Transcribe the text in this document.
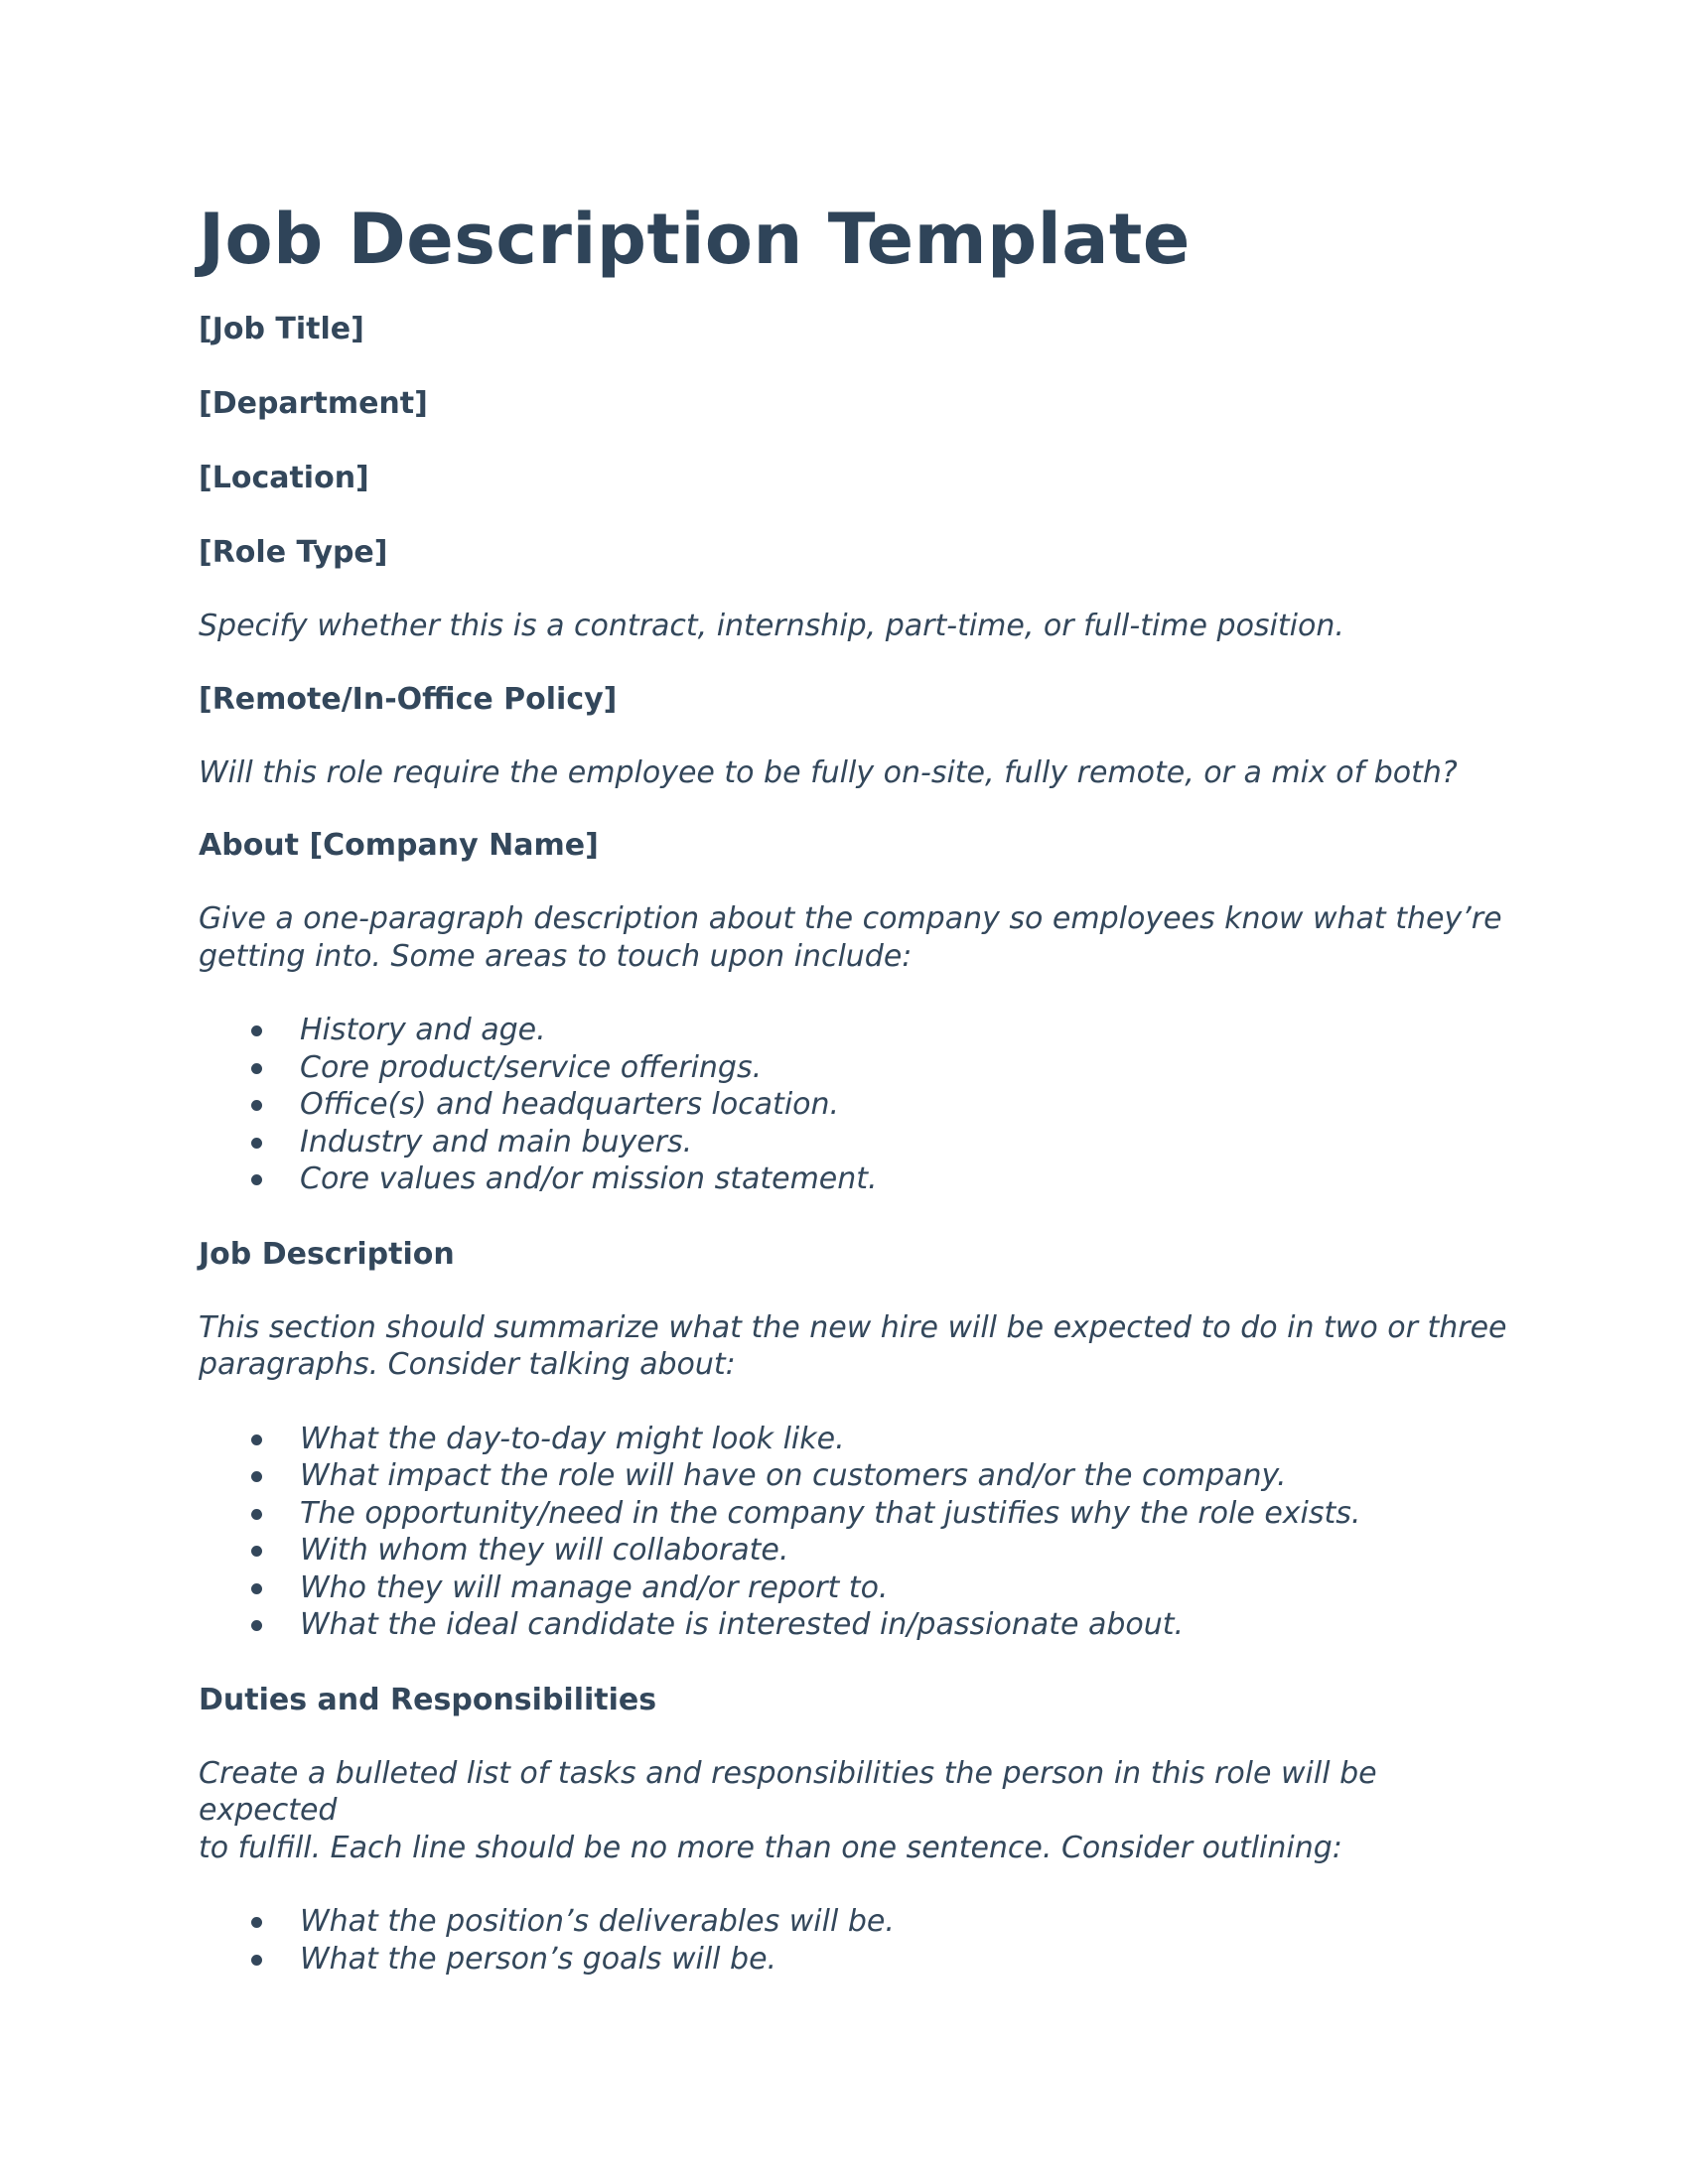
Job Description Template

[Job Title]

[Department]

[Location]

[Role Type]

Specify whether this is a contract, internship, part-time, or full-time position.

[Remote/In-Office Policy]

Will this role require the employee to be fully on-site, fully remote, or a mix of both?

About [Company Name]

Give a one-paragraph description about the company so employees know what they’re

getting into. Some areas to touch upon include:

History and age.
Core product/service offerings.
Office(s) and headquarters location.
Industry and main buyers.
Core values and/or mission statement.

Job Description

This section should summarize what the new hire will be expected to do in two or three

paragraphs. Consider talking about:

What the day-to-day might look like.
What impact the role will have on customers and/or the company.
The opportunity/need in the company that justifies why the role exists.
With whom they will collaborate.
Who they will manage and/or report to.
What the ideal candidate is interested in/passionate about.

Duties and Responsibilities

Create a bulleted list of tasks and responsibilities the person in this role will be expected

to fulfill. Each line should be no more than one sentence. Consider outlining:

What the position’s deliverables will be.
What the person’s goals will be.
